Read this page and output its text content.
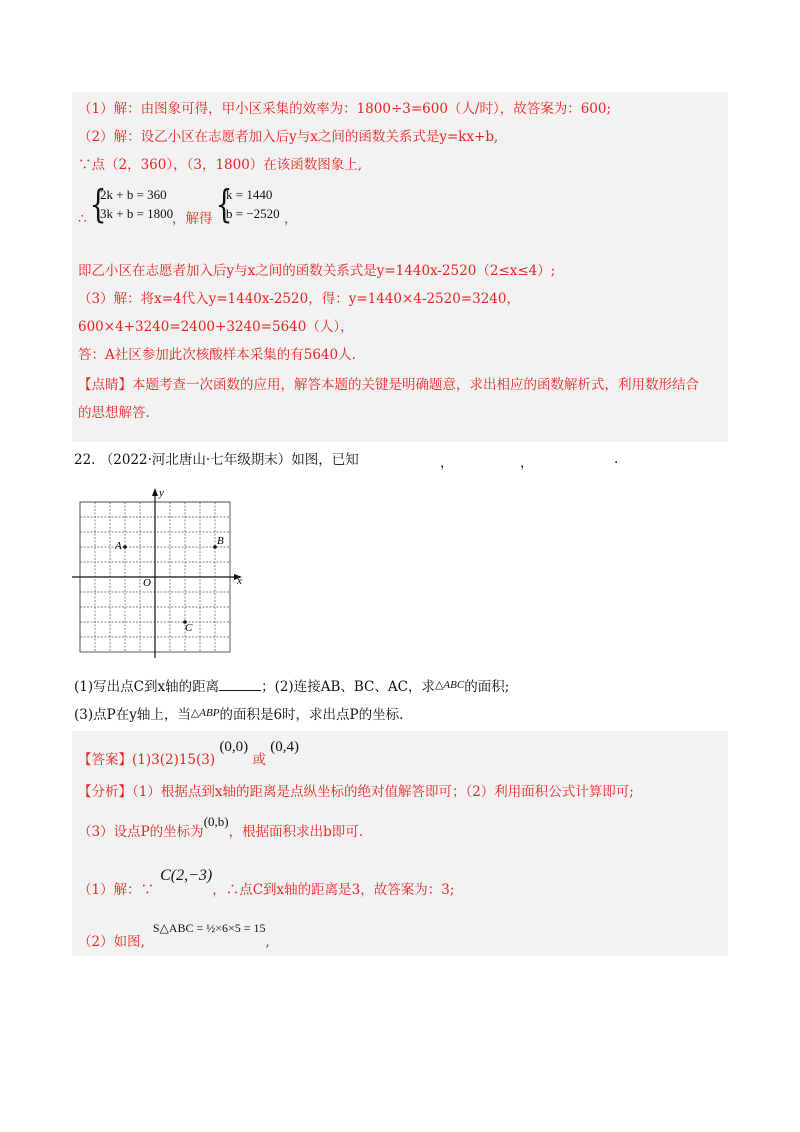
（1）解：由图象可得，甲小区采集的效率为：1800÷3=600（人/时），故答案为：600;
（2）解：设乙小区在志愿者加入后y与x之间的函数关系式是y=kx+b,
∵点（2，360），（3，1800）在该函数图象上,
∴ {
2k + b = 360
3k + b = 1800
，解得 {
k = 1440
b = −2520 ，
即乙小区在志愿者加入后y与x之间的函数关系式是y=1440x-2520（2≤x≤4）;
（3）解：将x=4代入y=1440x-2520，得：y=1440×4-2520=3240，
600×4+3240=2400+3240=5640（人），
答：A社区参加此次核酸样本采集的有5640人.
【点睛】本题考查一次函数的应用，解答本题的关键是明确题意，求出相应的函数解析式，利用数形结合
的思想解答.
22. （2022·河北唐山·七年级期末）如图，已知	，	，	.
A	B
C
O	x
y
(1)写出点C到x轴的距离	；(2)连接AB、BC、AC，求$^{\triangle ABC}$的面积;
(3)点P在y轴上，当$^{\triangle ABP}$的面积是6时，求出点P的坐标.
【答案】(1)3(2)15(3) (0,0) 或 (0,4)
【分析】（1）根据点到x轴的距离是点纵坐标的绝对值解答即可；（2）利用面积公式计算即可;
（3）设点P的坐标为(0,b)，根据面积求出b即可.
（1）解：∵C(2,−3)，∴点C到x轴的距离是3，故答案为：3;
（2）如图,S△ABC = ½×6×5 = 15,
